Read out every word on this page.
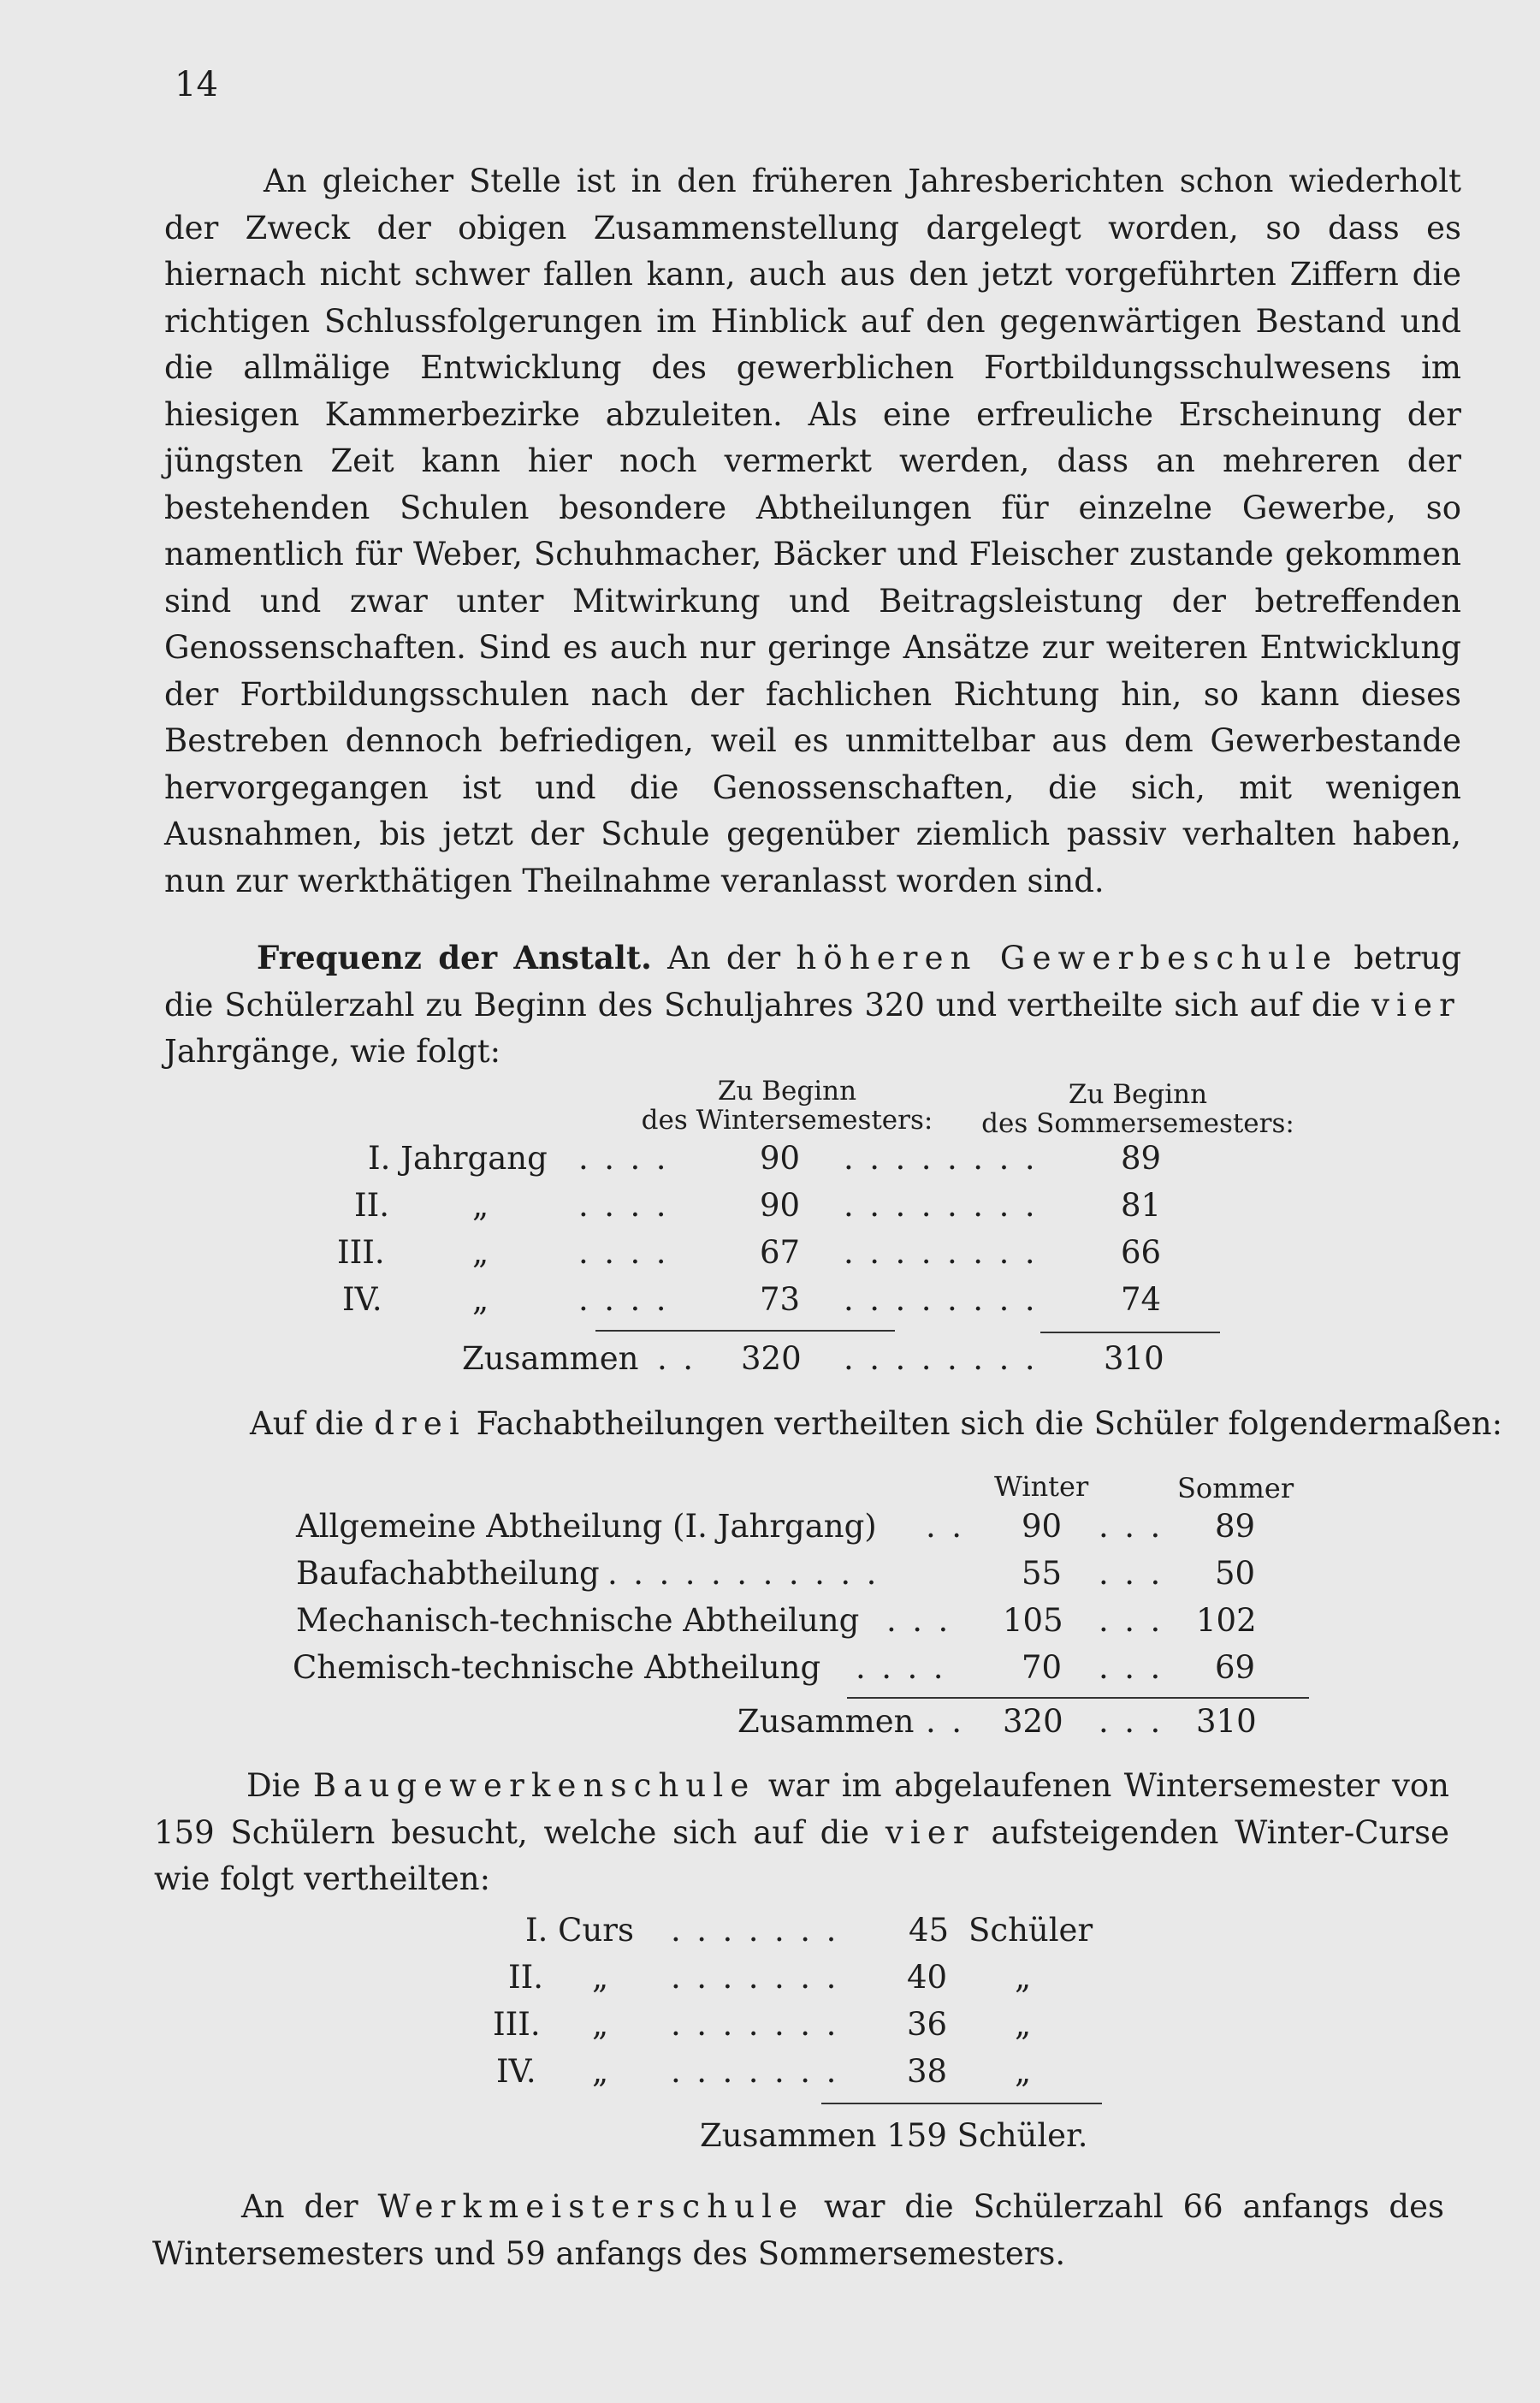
14
An gleicher Stelle ist in den früheren Jahresberichten schon wiederholt der Zweck der obigen Zusammenstellung dargelegt worden, so dass es hiernach nicht schwer fallen kann, auch aus den jetzt vorgeführten Ziffern die richtigen Schlussfolgerungen im Hinblick auf den gegenwärtigen Bestand und die allmälige Entwicklung des gewerblichen Fortbildungsschulwesens im hiesigen Kammerbezirke abzuleiten. Als eine erfreuliche Erscheinung der jüngsten Zeit kann hier noch vermerkt werden, dass an mehreren der bestehenden Schulen besondere Abtheilungen für einzelne Gewerbe, so namentlich für Weber, Schuhmacher, Bäcker und Fleischer zustande gekommen sind und zwar unter Mitwirkung und Beitragsleistung der betreffenden Genossenschaften. Sind es auch nur geringe Ansätze zur weiteren Entwicklung der Fortbildungsschulen nach der fachlichen Richtung hin, so kann dieses Bestreben dennoch befriedigen, weil es unmittelbar aus dem Gewerbestande hervorgegangen ist und die Genossenschaften, die sich, mit wenigen Ausnahmen, bis jetzt der Schule gegenüber ziemlich passiv verhalten haben, nun zur werkthätigen Theilnahme veranlasst worden sind.
Frequenz der Anstalt. An der höheren Gewerbeschule betrug die Schülerzahl zu Beginn des Schuljahres 320 und vertheilte sich auf die vier Jahrgänge, wie folgt:
Zu Beginn
des Wintersemesters:
Zu Beginn
des Sommersemesters:
I. Jahrgang .... 90 ........ 89
II.	„	.... 90 ........ 81
III.	„	.... 67 ........ 66
IV.	„	.... 73 ........ 74
Zusammen .. 320 ........ 310
Auf die drei Fachabtheilungen vertheilten sich die Schüler folgendermaßen:
Winter	Sommer
Allgemeine Abtheilung (I. Jahrgang) .. 90 ... 89
Baufachabtheilung ...........	55 ... 50
Mechanisch-technische Abtheilung ... 105 ... 102
Chemisch-technische Abtheilung .... 70 ... 69
Zusammen .. 320 ... 310
Die Baugewerkenschule war im abgelaufenen Wintersemester von 159 Schülern besucht, welche sich auf die vier aufsteigenden Winter-Curse wie folgt vertheilten:
I. Curs ....... 45 Schüler
II. „ ....... 40 „
III. „ ....... 36 „
IV. „ ....... 38 „
Zusammen 159 Schüler.
An der Werkmeisterschule war die Schülerzahl 66 anfangs des Wintersemesters und 59 anfangs des Sommersemesters.
